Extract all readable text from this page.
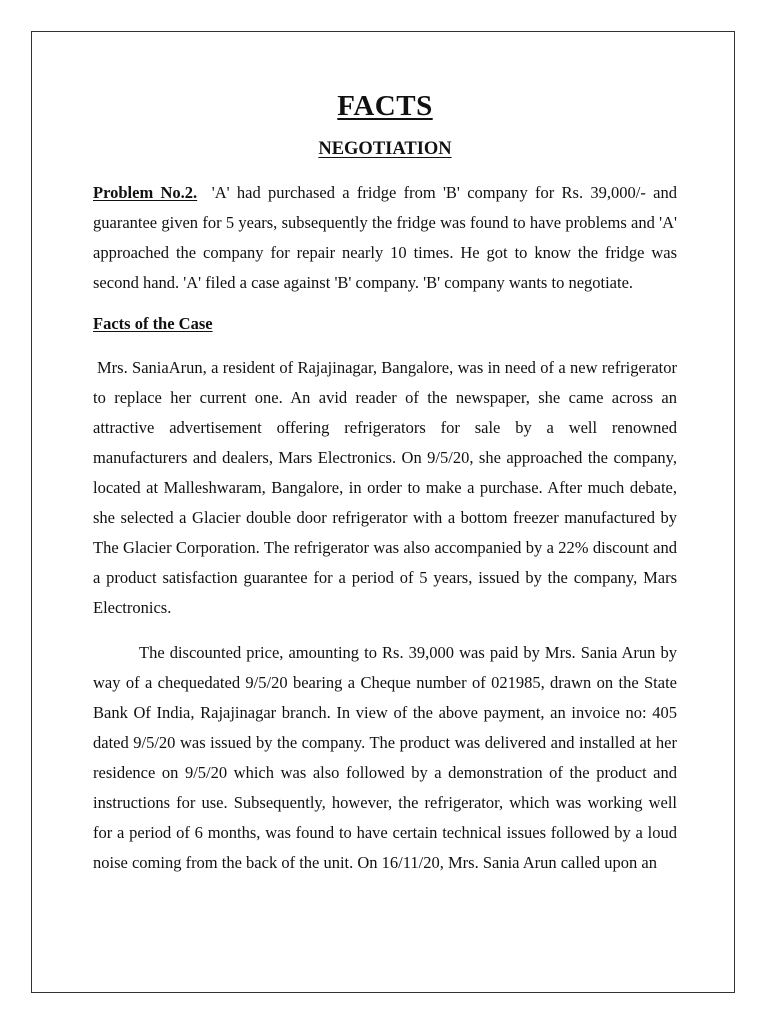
FACTS
NEGOTIATION

Problem No.2. 'A' had purchased a fridge from 'B' company for Rs. 39,000/- and guarantee given for 5 years, subsequently the fridge was found to have problems and 'A' approached the company for repair nearly 10 times. He got to know the fridge was second hand. 'A' filed a case against 'B' company. 'B' company wants to negotiate.

Facts of the Case

Mrs. SaniaArun, a resident of Rajajinagar, Bangalore, was in need of a new refrigerator to replace her current one. An avid reader of the newspaper, she came across an attractive advertisement offering refrigerators for sale by a well renowned manufacturers and dealers, Mars Electronics. On 9/5/20, she approached the company, located at Malleshwaram, Bangalore, in order to make a purchase. After much debate, she selected a Glacier double door refrigerator with a bottom freezer manufactured by The Glacier Corporation. The refrigerator was also accompanied by a 22% discount and a product satisfaction guarantee for a period of 5 years, issued by the company, Mars Electronics.

The discounted price, amounting to Rs. 39,000 was paid by Mrs. Sania Arun by way of a chequedated 9/5/20 bearing a Cheque number of 021985, drawn on the State Bank Of India, Rajajinagar branch. In view of the above payment, an invoice no: 405 dated 9/5/20 was issued by the company. The product was delivered and installed at her residence on 9/5/20 which was also followed by a demonstration of the product and instructions for use. Subsequently, however, the refrigerator, which was working well for a period of 6 months, was found to have certain technical issues followed by a loud noise coming from the back of the unit. On 16/11/20, Mrs. Sania Arun called upon an
